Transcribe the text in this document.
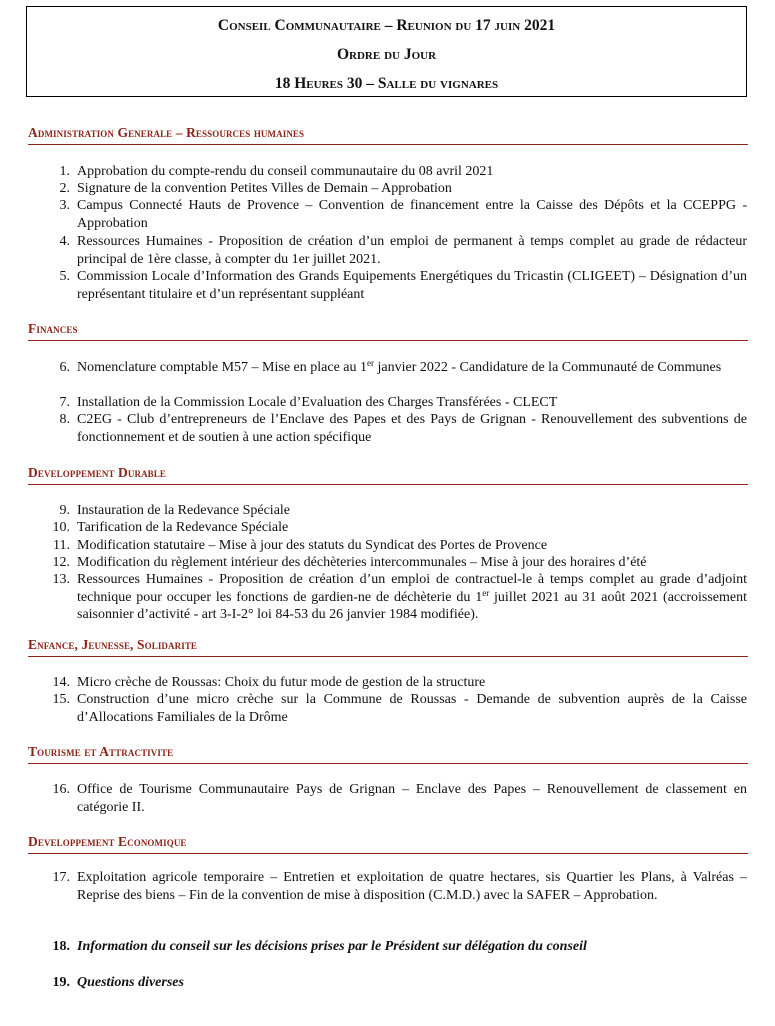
Conseil Communautaire – Reunion du 17 juin 2021
Ordre du Jour
18 Heures 30 – Salle du vignares
Administration Generale – Ressources humaines
1. Approbation du compte-rendu du conseil communautaire du 08 avril 2021
2. Signature de la convention Petites Villes de Demain – Approbation
3. Campus Connecté Hauts de Provence – Convention de financement entre la Caisse des Dépôts et la CCEPPG - Approbation
4. Ressources Humaines - Proposition de création d’un emploi de permanent à temps complet au grade de rédacteur principal de 1ère classe, à compter du 1er juillet 2021.
5. Commission Locale d’Information des Grands Equipements Energétiques du Tricastin (CLIGEET) – Désignation d’un représentant titulaire et d’un représentant suppléant
Finances
6. Nomenclature comptable M57 – Mise en place au 1er janvier 2022 - Candidature de la Communauté de Communes
7. Installation de la Commission Locale d’Evaluation des Charges Transférées - CLECT
8. C2EG - Club d’entrepreneurs de l’Enclave des Papes et des Pays de Grignan - Renouvellement des subventions de fonctionnement et de soutien à une action spécifique
Developpement Durable
9. Instauration de la Redevance Spéciale
10. Tarification de la Redevance Spéciale
11. Modification statutaire – Mise à jour des statuts du Syndicat des Portes de Provence
12. Modification du règlement intérieur des déchèteries intercommunales – Mise à jour des horaires d’été
13. Ressources Humaines - Proposition de création d’un emploi de contractuel-le à temps complet au grade d’adjoint technique pour occuper les fonctions de gardien-ne de déchèterie du 1er juillet 2021 au 31 août 2021 (accroissement saisonnier d’activité - art 3-I-2° loi 84-53 du 26 janvier 1984 modifiée).
Enfance, Jeunesse, Solidarite
14. Micro crèche de Roussas: Choix du futur mode de gestion de la structure
15. Construction d’une micro crèche sur la Commune de Roussas - Demande de subvention auprès de la Caisse d’Allocations Familiales de la Drôme
Tourisme et Attractivite
16. Office de Tourisme Communautaire Pays de Grignan – Enclave des Papes – Renouvellement de classement en catégorie II.
Developpement Economique
17. Exploitation agricole temporaire – Entretien et exploitation de quatre hectares, sis Quartier les Plans, à Valréas – Reprise des biens – Fin de la convention de mise à disposition (C.M.D.) avec la SAFER – Approbation.
18. Information du conseil sur les décisions prises par le Président sur délégation du conseil
19. Questions diverses
